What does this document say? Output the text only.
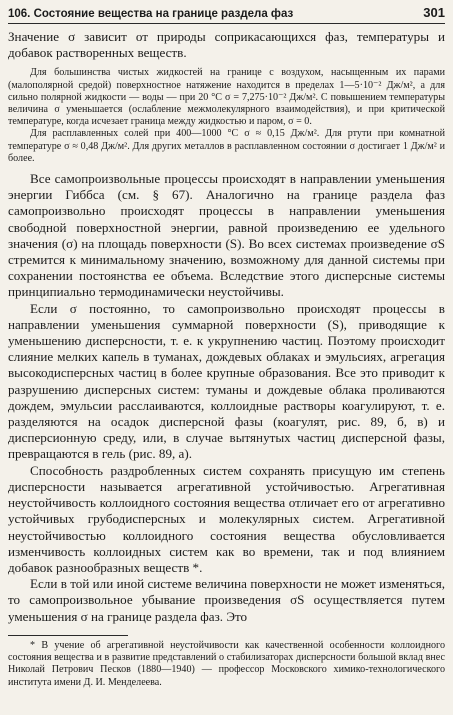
106. Состояние вещества на границе раздела фаз	301

Значение σ зависит от природы соприкасающихся фаз, температуры и добавок растворенных веществ.

Для большинства чистых жидкостей на границе с воздухом, насыщенным их парами (малополярной средой) поверхностное натяжение находится в пределах 1—5·10⁻² Дж/м², а для сильно полярной жидкости — воды — при 20 °C σ = 7,275·10⁻² Дж/м². С повышением температуры величина σ уменьшается (ослабление межмолекулярного взаимодействия), и при критической температуре, когда исчезает граница между жидкостью и паром, σ = 0.

Для расплавленных солей при 400—1000 °C σ ≈ 0,15 Дж/м². Для ртути при комнатной температуре σ ≈ 0,48 Дж/м². Для других металлов в расплавленном состоянии σ достигает 1 Дж/м² и более.

Все самопроизвольные процессы происходят в направлении уменьшения энергии Гиббса (см. § 67). Аналогично на границе раздела фаз самопроизвольно происходят процессы в направлении уменьшения свободной поверхностной энергии, равной произведению ее удельного значения (σ) на площадь поверхности (S). Во всех системах произведение σS стремится к минимальному значению, возможному для данной системы при сохранении постоянства ее объема. Вследствие этого дисперсные системы принципиально термодинамически неустойчивы.

Если σ постоянно, то самопроизвольно происходят процессы в направлении уменьшения суммарной поверхности (S), приводящие к уменьшению дисперсности, т. е. к укрупнению частиц. Поэтому происходит слияние мелких капель в туманах, дождевых облаках и эмульсиях, агрегация высокодисперсных частиц в более крупные образования. Все это приводит к разрушению дисперсных систем: туманы и дождевые облака проливаются дождем, эмульсии расслаиваются, коллоидные растворы коагулируют, т. е. разделяются на осадок дисперсной фазы (коагулят, рис. 89, б, в) и дисперсионную среду, или, в случае вытянутых частиц дисперсной фазы, превращаются в гель (рис. 89, а).

Способность раздробленных систем сохранять присущую им степень дисперсности называется агрегативной устойчивостью. Агрегативная неустойчивость коллоидного состояния вещества отличает его от агрегативно устойчивых грубодисперсных и молекулярных систем. Агрегативной неустойчивостью коллоидного состояния вещества обусловливается изменчивость коллоидных систем как во времени, так и под влиянием добавок разнообразных веществ *.

Если в той или иной системе величина поверхности не может изменяться, то самопроизвольное убывание произведения σS осуществляется путем уменьшения σ на границе раздела фаз. Это

* В учение об агрегативной неустойчивости как качественной особенности коллоидного состояния вещества и в развитие представлений о стабилизаторах дисперсности большой вклад внес Николай Петрович Песков (1880—1940) — профессор Московского химико-технологического института имени Д. И. Менделеева.
